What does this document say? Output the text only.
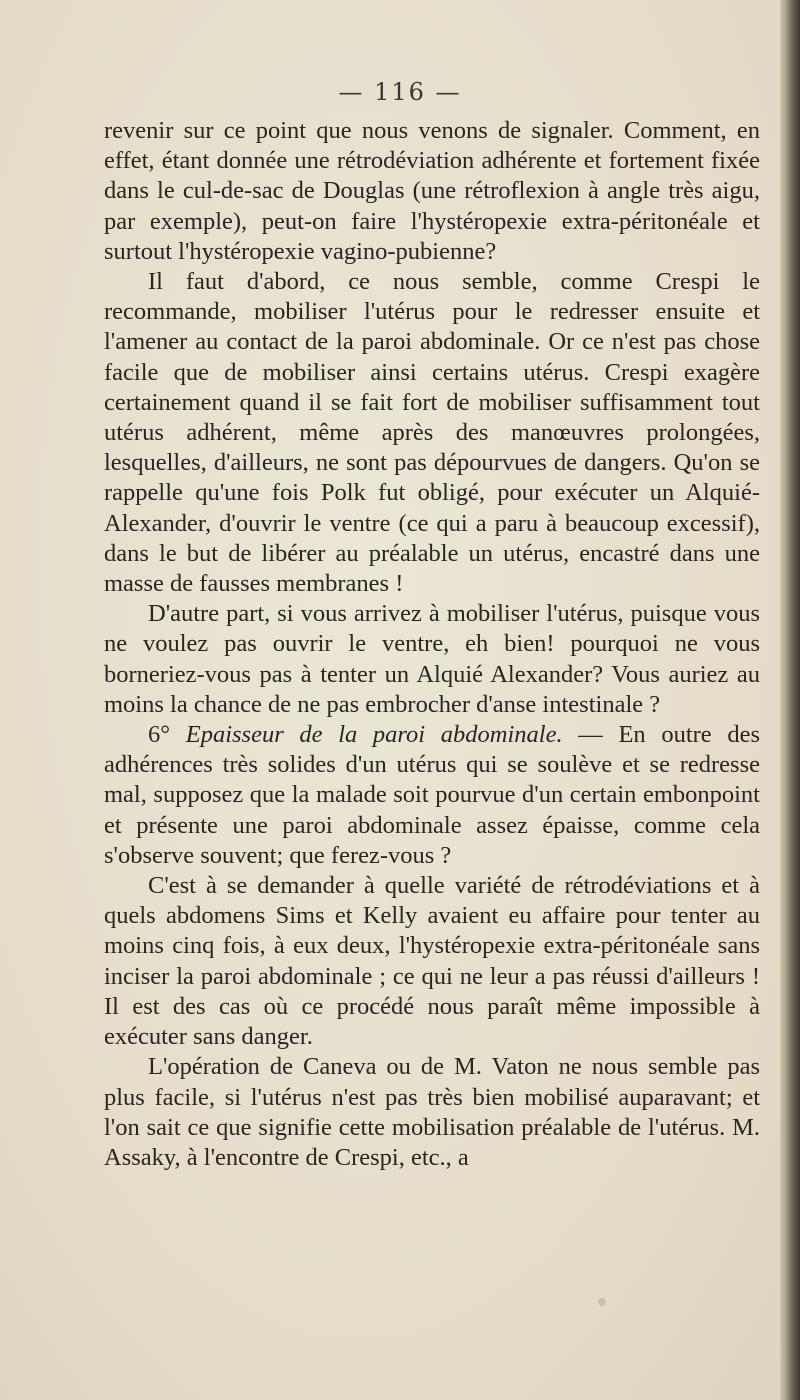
— 116 —

revenir sur ce point que nous venons de signaler. Comment, en effet, étant donnée une rétrodéviation adhérente et fortement fixée dans le cul-de-sac de Douglas (une rétroflexion à angle très aigu, par exemple), peut-on faire l'hystéropexie extra-péritonéale et surtout l'hystéropexie vagino-pubienne?

Il faut d'abord, ce nous semble, comme Crespi le recommande, mobiliser l'utérus pour le redresser ensuite et l'amener au contact de la paroi abdominale. Or ce n'est pas chose facile que de mobiliser ainsi certains utérus. Crespi exagère certainement quand il se fait fort de mobiliser suffisamment tout utérus adhérent, même après des manœuvres prolongées, lesquelles, d'ailleurs, ne sont pas dépourvues de dangers. Qu'on se rappelle qu'une fois Polk fut obligé, pour exécuter un Alquié-Alexander, d'ouvrir le ventre (ce qui a paru à beaucoup excessif), dans le but de libérer au préalable un utérus, encastré dans une masse de fausses membranes !

D'autre part, si vous arrivez à mobiliser l'utérus, puisque vous ne voulez pas ouvrir le ventre, eh bien! pourquoi ne vous borneriez-vous pas à tenter un Alquié Alexander? Vous auriez au moins la chance de ne pas embrocher d'anse intestinale ?

6° Epaisseur de la paroi abdominale. — En outre des adhérences très solides d'un utérus qui se soulève et se redresse mal, supposez que la malade soit pourvue d'un certain embonpoint et présente une paroi abdominale assez épaisse, comme cela s'observe souvent; que ferez-vous ?

C'est à se demander à quelle variété de rétrodéviations et à quels abdomens Sims et Kelly avaient eu affaire pour tenter au moins cinq fois, à eux deux, l'hystéropexie extra-péritonéale sans inciser la paroi abdominale ; ce qui ne leur a pas réussi d'ailleurs ! Il est des cas où ce procédé nous paraît même impossible à exécuter sans danger.

L'opération de Caneva ou de M. Vaton ne nous semble pas plus facile, si l'utérus n'est pas très bien mobilisé auparavant; et l'on sait ce que signifie cette mobilisation préalable de l'utérus. M. Assaky, à l'encontre de Crespi, etc., a
